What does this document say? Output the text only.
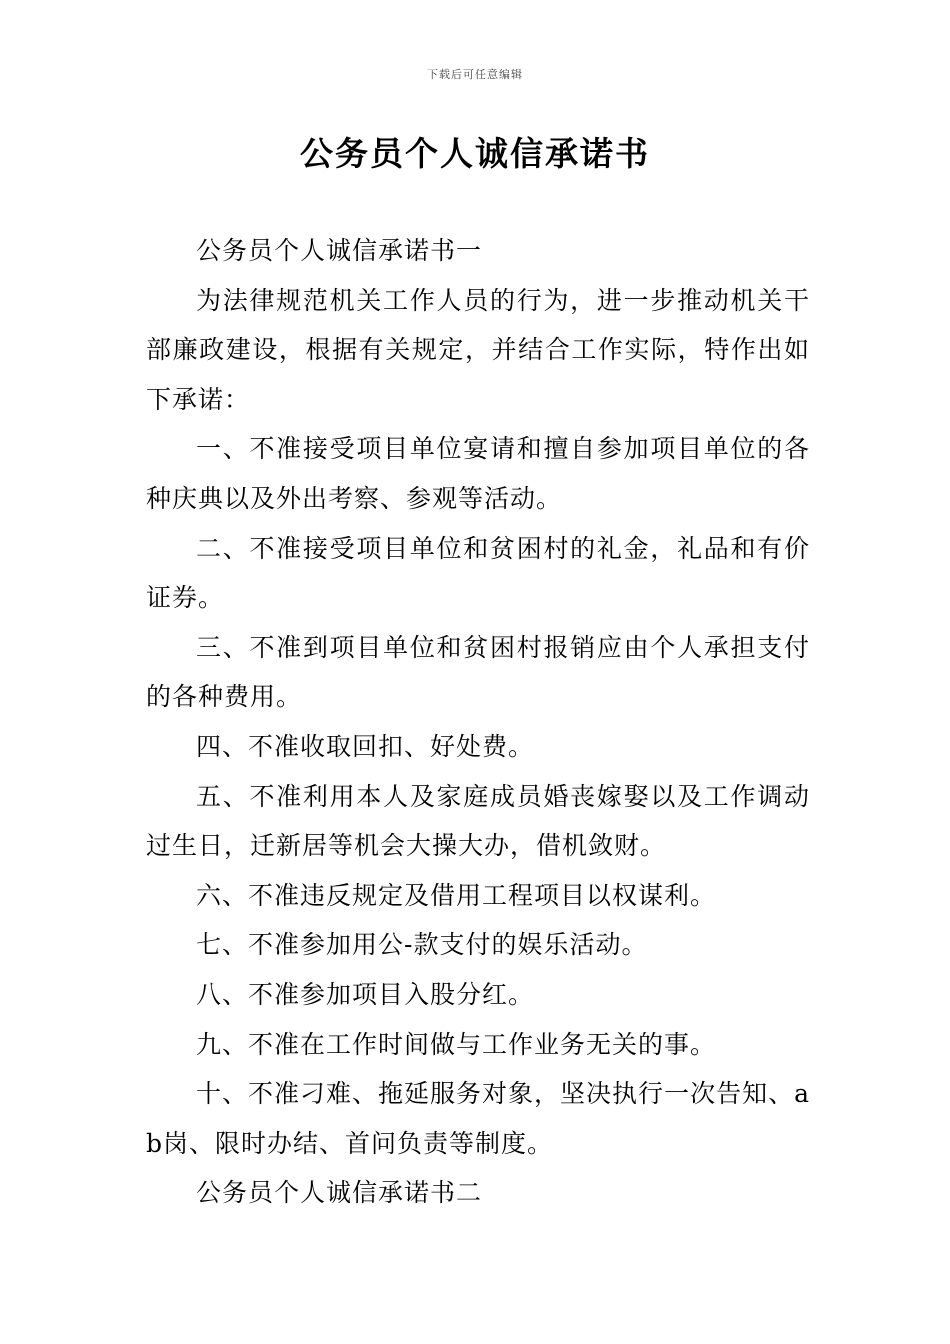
下载后可任意编辑
公务员个人诚信承诺书

公务员个人诚信承诺书一

为法律规范机关工作人员的行为，进一步推动机关干部廉政建设，根据有关规定，并结合工作实际，特作出如下承诺：

一、不准接受项目单位宴请和擅自参加项目单位的各种庆典以及外出考察、参观等活动。

二、不准接受项目单位和贫困村的礼金，礼品和有价证券。

三、不准到项目单位和贫困村报销应由个人承担支付的各种费用。

四、不准收取回扣、好处费。

五、不准利用本人及家庭成员婚丧嫁娶以及工作调动过生日，迁新居等机会大操大办，借机敛财。

六、不准违反规定及借用工程项目以权谋利。

七、不准参加用公-款支付的娱乐活动。

八、不准参加项目入股分红。

九、不准在工作时间做与工作业务无关的事。

十、不准刁难、拖延服务对象，坚决执行一次告知、ab岗、限时办结、首问负责等制度。

公务员个人诚信承诺书二
